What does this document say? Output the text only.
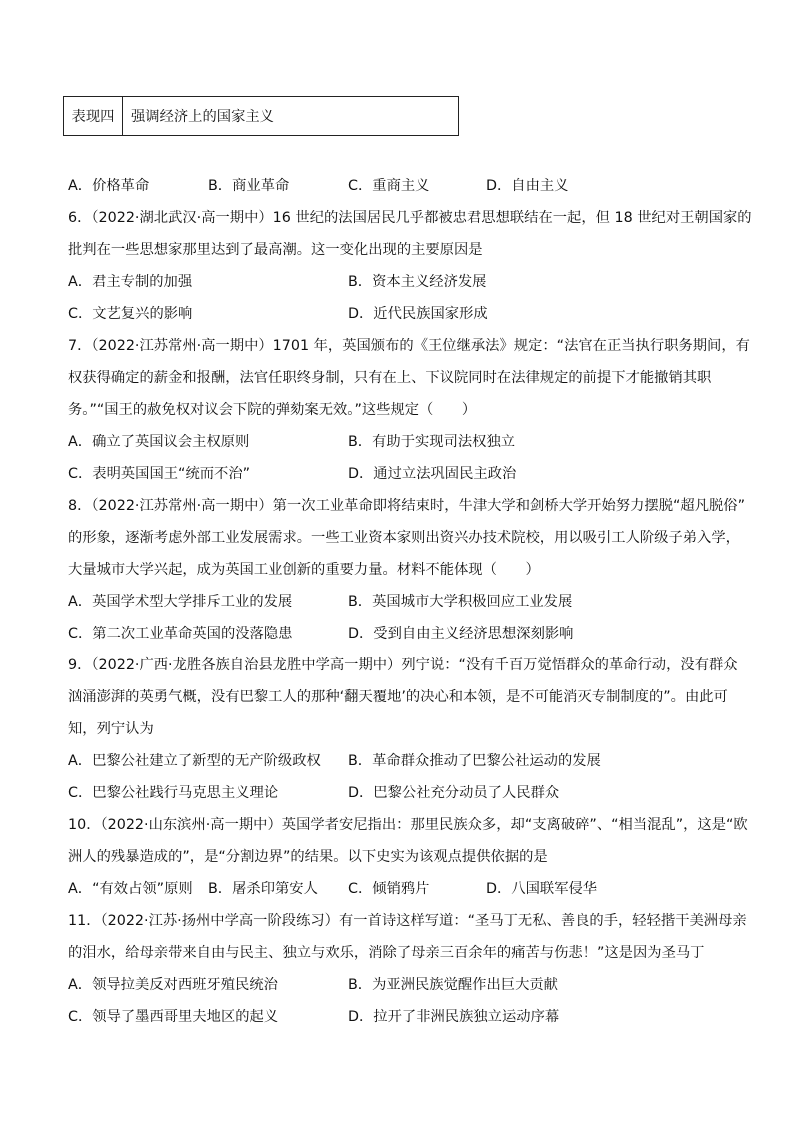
表现四	强调经济上的国家主义
A．价格革命	B．商业革命	C．重商主义	D．自由主义
6．（2022·湖北武汉·高一期中）16 世纪的法国居民几乎都被忠君思想联结在一起，但 18 世纪对王朝国家的
批判在一些思想家那里达到了最高潮。这一变化出现的主要原因是
A．君主专制的加强	B．资本主义经济发展
C．文艺复兴的影响	D．近代民族国家形成
7．（2022·江苏常州·高一期中）1701 年，英国颁布的《王位继承法》规定：“法官在正当执行职务期间，有
权获得确定的薪金和报酬，法官任职终身制，只有在上、下议院同时在法律规定的前提下才能撤销其职
务。”“国王的赦免权对议会下院的弹劾案无效。”这些规定（　　）
A．确立了英国议会主权原则	B．有助于实现司法权独立
C．表明英国国王“统而不治”	D．通过立法巩固民主政治
8．（2022·江苏常州·高一期中）第一次工业革命即将结束时，牛津大学和剑桥大学开始努力摆脱“超凡脱俗”
的形象，逐渐考虑外部工业发展需求。一些工业资本家则出资兴办技术院校，用以吸引工人阶级子弟入学，
大量城市大学兴起，成为英国工业创新的重要力量。材料不能体现（　　）
A．英国学术型大学排斥工业的发展	B．英国城市大学积极回应工业发展
C．第二次工业革命英国的没落隐患	D．受到自由主义经济思想深刻影响
9．（2022·广西·龙胜各族自治县龙胜中学高一期中）列宁说：“没有千百万觉悟群众的革命行动，没有群众
汹涌澎湃的英勇气概，没有巴黎工人的那种‘翻天覆地’的决心和本领，是不可能消灭专制制度的”。由此可
知，列宁认为
A．巴黎公社建立了新型的无产阶级政权 B．革命群众推动了巴黎公社运动的发展
C．巴黎公社践行马克思主义理论	D．巴黎公社充分动员了人民群众
10．（2022·山东滨州·高一期中）英国学者安尼指出：那里民族众多，却“支离破碎”、“相当混乱”，这是“欧
洲人的残暴造成的”，是“分割边界”的结果。以下史实为该观点提供依据的是
A．“有效占领”原则 B．屠杀印第安人 C．倾销鸦片	D．八国联军侵华
11．（2022·江苏·扬州中学高一阶段练习）有一首诗这样写道：“圣马丁无私、善良的手，轻轻揩干美洲母亲
的泪水，给母亲带来自由与民主、独立与欢乐，消除了母亲三百余年的痛苦与伤悲！”这是因为圣马丁
A．领导拉美反对西班牙殖民统治	B．为亚洲民族觉醒作出巨大贡献
C．领导了墨西哥里夫地区的起义	D．拉开了非洲民族独立运动序幕
